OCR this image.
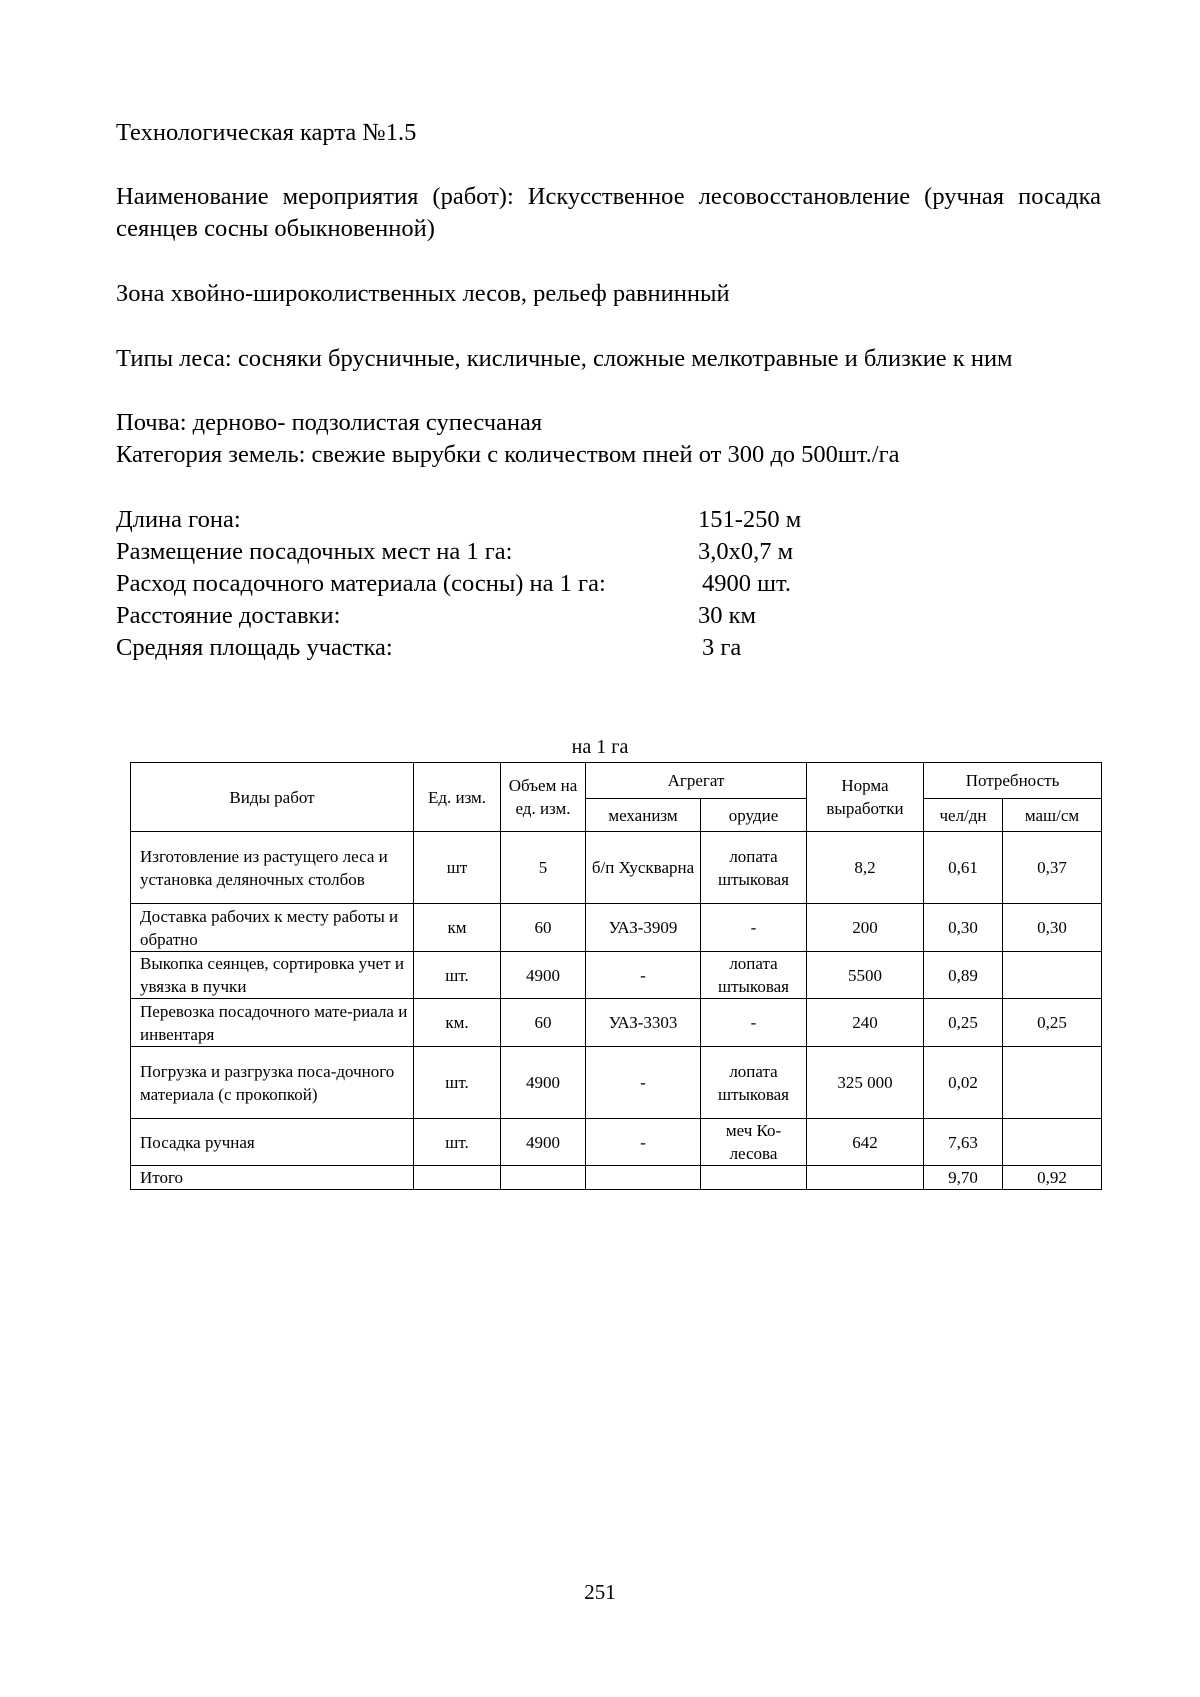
Технологическая карта №1.5
Наименование мероприятия (работ): Искусственное лесовосстановление (ручная посадка сеянцев сосны обыкновенной)
Зона хвойно-широколиственных лесов, рельеф равнинный
Типы леса: сосняки брусничные, кисличные, сложные мелкотравные и близкие к ним
Почва: дерново- подзолистая супесчаная
Категория земель: свежие вырубки с количеством пней от 300 до 500шт./га
Длина гона:	151-250 м
Размещение посадочных мест на 1 га:	3,0х0,7 м
Расход посадочного материала (сосны) на 1 га:	4900 шт.
Расстояние доставки:	30 км
Средняя площадь участка:	3 га
на 1 га
Виды работ	Ед. изм.	Объем на ед. изм.	Агрегат		Норма выработки	Потребность	
			механизм	орудие		чел/дн	маш/см
Изготовление из растущего леса и установка деляночных столбов	шт	5	б/п Хускварна	лопата штыковая	8,2	0,61	0,37
Доставка рабочих к месту работы и обратно	км	60	УАЗ-3909	-	200	0,30	0,30
Выкопка сеянцев, сортировка учет и увязка в пучки	шт.	4900	-	лопата штыковая	5500	0,89	
Перевозка посадочного мате-риала и инвентаря	км.	60	УАЗ-3303	-	240	0,25	0,25
Погрузка и разгрузка поса-дочного материала (с прокопкой)	шт.	4900	-	лопата штыковая	325 000	0,02	
Посадка ручная	шт.	4900	-	меч Ко-лесова	642	7,63	
Итого						9,70	0,92
251
